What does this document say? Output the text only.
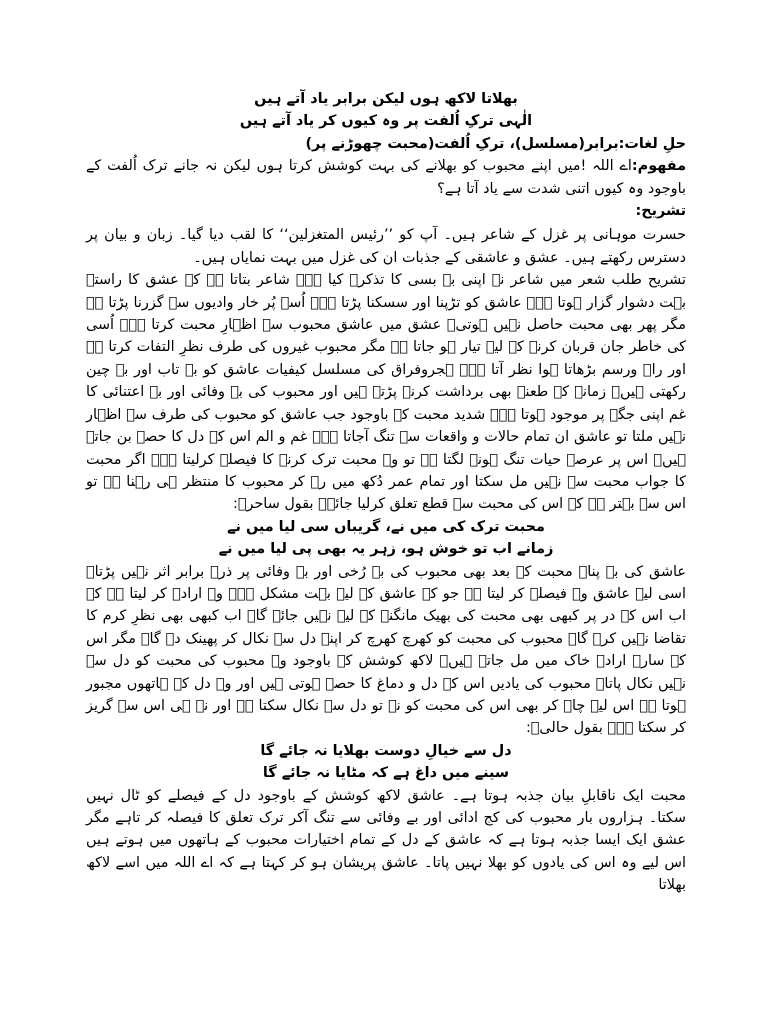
بھلاتا لاکھ ہوں لیکن برابر یاد آتے ہیں

الٰہی ترکِ اُلفت پر وہ کیوں کر یاد آتے ہیں

حلِ لغات:برابر(مسلسل)، ترکِ اُلفت(محبت چھوڑنے پر)

مفھوم:اے اللہ !میں اپنے محبوب کو بھلانے کی بہت کوشش کرتا ہوں لیکن نہ جانے ترک اُلفت کے باوجود وہ کیوں اتنی شدت سے یاد آتا ہے؟

تشریح:

حسرت موہانی پر غزل کے شاعر ہیں۔ آپ کو ’’رئیس المتغزلین‘‘ کا لقب دیا گیا۔ زبان و بیان پر دسترس رکھتے ہیں۔ عشق و عاشقی کے جذبات ان کی غزل میں بہت نمایاں ہیں۔

تشریح طلب شعر میں شاعر نے اپنی بے بسی کا تذکرہ کیا ہے۔ شاعر بتاتا ہے کہ عشق کا راستہ بہت دشوار گزار ہوتا ہے۔ عاشق کو تڑپنا اور سسکنا پڑتا ہے۔ اُسے پُر خار وادیوں سے گزرنا پڑتا ہے مگر پھر بھی محبت حاصل نہیں ہوتی۔ عشق میں عاشق محبوب سے اظہارِ محبت کرتا ہے۔ اُسی کی خاطر جان قربان کرنے کے لیے تیار ہو جاتا ہے مگر محبوب غیروں کی طرف نظرِ التفات کرتا ہے اور راہ ورسم بڑھاتا ہوا نظر آتا ہے۔ ہجروفراق کی مسلسل کیفیات عاشق کو بے تاب اور بے چین رکھتی ہیں۔ زمانہ کے طعنے بھی برداشت کرنے پڑتے ہیں اور محبوب کی بے وفائی اور بے اعتنائی کا غم اپنی جگہ پر موجود ہوتا ہے۔ شدید محبت کے باوجود جب عاشق کو محبوب کی طرف سے اظہار نہیں ملتا تو عاشق ان تمام حالات و واقعات سے تنگ آجاتا ہے۔ غم و الم اس کے دل کا حصہ بن جاتے ہیں۔ اس پر عرصۂ حیات تنگ ہونے لگتا ہے تو وہ محبت ترک کرنے کا فیصلہ کرلیتا ہے۔ اگر محبت کا جواب محبت سے نہیں مل سکتا اور تمام عمر دُکھ میں رہ کر محبوب کا منتظر ہی رہنا ہے تو اس سے بہتر ہے کہ اس کی محبت سے قطع تعلق کرلیا جائے۔ بقول ساحرؔ:

محبت ترک کی میں نے، گریباں سی لیا میں نے

زمانے اب تو خوش ہو، زہر یہ بھی پی لیا میں نے

عاشق کی بے پناہ محبت کے بعد بھی محبوب کی بے رُخی اور بے وفائی پر ذرہ برابر اثر نہیں پڑتا۔ اسی لیے عاشق وہ فیصلہ کر لیتا ہے جو کہ عاشق کے لیے بہت مشکل ہے۔ وہ ارادہ کر لیتا ہے کہ اب اس کے در پر کبھی بھی محبت کی بھیک مانگنے کے لیے نہیں جائے گا۔ اب کبھی بھی نظرِ کرم کا تقاضا نہیں کرے گا۔ محبوب کی محبت کو کھرچ کھرچ کر اپنے دل سے نکال کر پھینک دے گا۔ مگر اس کے سارے ارادے خاک میں مل جاتے ہیں۔ لاکھ کوشش کے باوجود وہ محبوب کی محبت کو دل سے نہیں نکال پاتا۔ محبوب کی یادیں اس کے دل و دماغ کا حصہ ہوتی ہیں اور وہ دل کے ہاتھوں مجبور ہوتا ہے اس لیے چاہ کر بھی اس کی محبت کو نہ تو دل سے نکال سکتا ہے اور نہ ہی اس سے گریز کر سکتا ہے۔ بقول حالیؔ:

دل سے خیالِ دوست بھلایا نہ جائے گا

سینے میں داغ ہے کہ مٹایا نہ جائے گا

محبت ایک ناقابلِ بیان جذبہ ہوتا ہے۔ عاشق لاکھ کوشش کے باوجود دل کے فیصلے کو ٹال نہیں سکتا۔ ہزاروں بار محبوب کی کج ادائی اور بے وفائی سے تنگ آکر ترک تعلق کا فیصلہ کر تاہے مگر عشق ایک ایسا جذبہ ہوتا ہے کہ عاشق کے دل کے تمام اختیارات محبوب کے ہاتھوں میں ہوتے ہیں اس لیے وہ اس کی یادوں کو بھلا نہیں پاتا۔ عاشق پریشان ہو کر کہتا ہے کہ اے اللہ میں اسے لاکھ بھلاتا
